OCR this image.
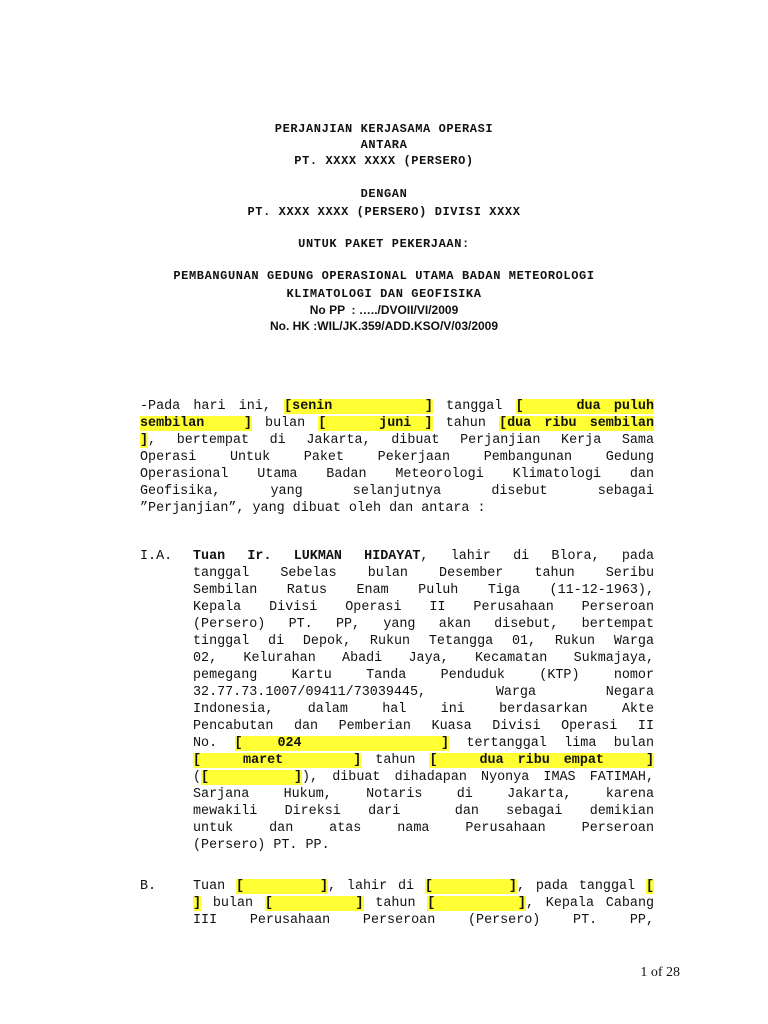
PERJANJIAN KERJASAMA OPERASI
ANTARA
PT. XXXX XXXX (PERSERO)
DENGAN
PT. XXXX XXXX (PERSERO) DIVISI XXXX
UNTUK PAKET PEKERJAAN:
PEMBANGUNAN GEDUNG OPERASIONAL UTAMA BADAN METEOROLOGI
KLIMATOLOGI DAN GEOFISIKA
No PP  : …../DVOII/VI/2009
No. HK :WIL/JK.359/ADD.KSO/V/03/2009
-Pada hari ini, [senin       ] tanggal [    dua puluh
sembilan   ] bulan [    juni ] tahun [dua ribu sembilan
], bertempat di Jakarta, dibuat Perjanjian Kerja Sama
Operasi Untuk Paket Pekerjaan Pembangunan Gedung
Operasional Utama Badan Meteorologi Klimatologi dan
Geofisika, yang selanjutnya disebut sebagai
”Perjanjian”, yang dibuat oleh dan antara :
I.A. Tuan Ir. LUKMAN HIDAYAT, lahir di Blora, pada
tanggal Sebelas bulan Desember tahun Seribu
Sembilan Ratus Enam Puluh Tiga (11-12-1963),
Kepala Divisi Operasi II Perusahaan Perseroan
(Persero) PT. PP, yang akan disebut, bertempat
tinggal di Depok, Rukun Tetangga 01, Rukun Warga
02, Kelurahan Abadi Jaya, Kecamatan Sukmajaya,
pemegang Kartu Tanda Penduduk (KTP) nomor
32.77.73.1007/09411/73039445, Warga Negara
Indonesia, dalam hal ini berdasarkan Akte
Pencabutan dan Pemberian Kuasa Divisi Operasi II
No. [  024        ] tertanggal lima bulan
[   maret     ] tahun [   dua ribu empat   ]
([      ]), dibuat dihadapan Nyonya IMAS FATIMAH,
Sarjana Hukum, Notaris di Jakarta, karena
mewakili Direksi dari  dan sebagai demikian
untuk dan atas nama Perusahaan Perseroan
(Persero) PT. PP.
B.	Tuan [       ], lahir di [       ], pada tanggal [
] bulan [       ] tahun [       ], Kepala Cabang
III Perusahaan Perseroan (Persero) PT. PP,
1 of 28
